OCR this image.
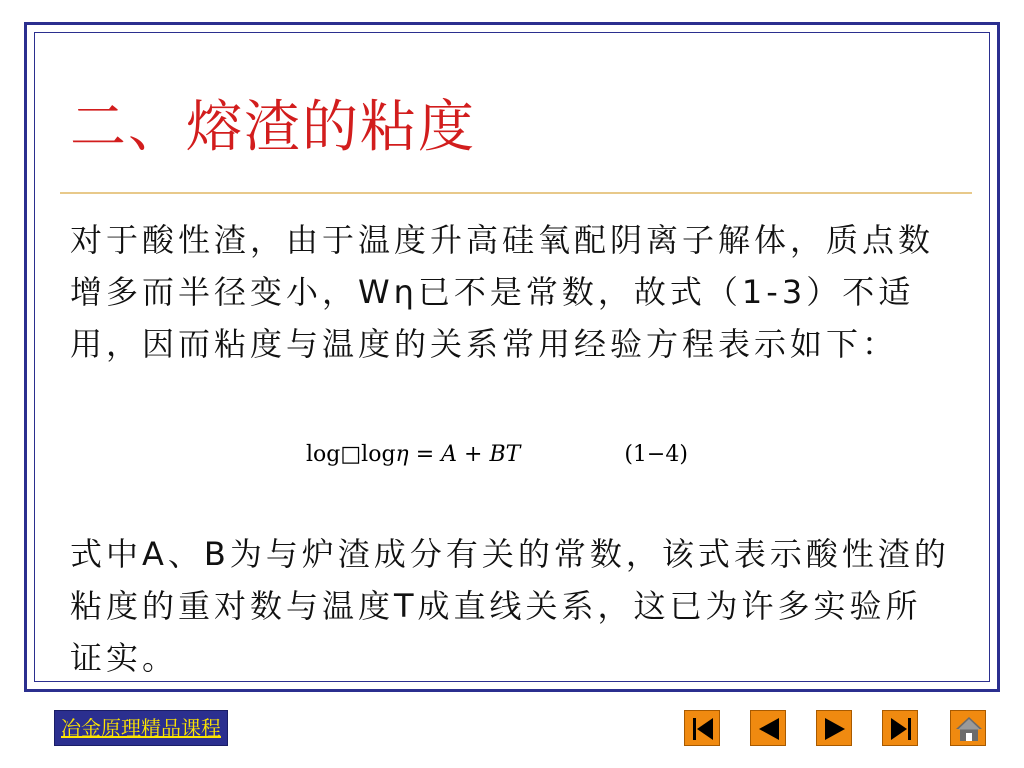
二、熔渣的粘度
对于酸性渣，由于温度升高硅氧配阴离子解体，质点数增多而半径变小，Wη已不是常数，故式（1-3）不适用，因而粘度与温度的关系常用经验方程表示如下：
log□logη = A + BT	(1−4)
式中A、B为与炉渣成分有关的常数，该式表示酸性渣的粘度的重对数与温度T成直线关系，这已为许多实验所证实。
冶金原理精品课程
